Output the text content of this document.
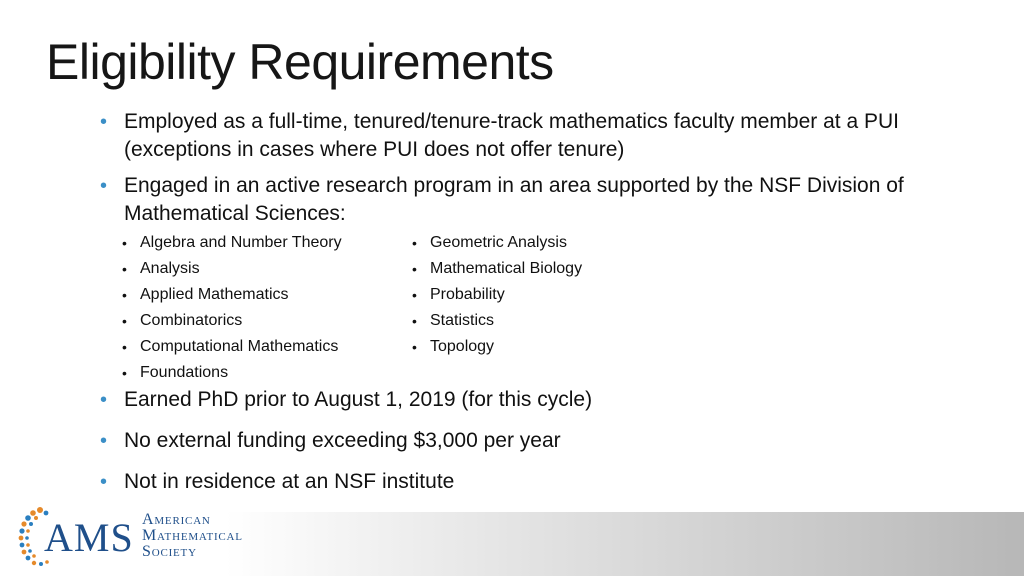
Eligibility Requirements
• Employed as a full-time, tenured/tenure-track mathematics faculty member at a PUI (exceptions in cases where PUI does not offer tenure)
• Engaged in an active research program in an area supported by the NSF Division of Mathematical Sciences:
• Algebra and Number Theory
• Analysis
• Applied Mathematics
• Combinatorics
• Computational Mathematics
• Foundations
• Geometric Analysis
• Mathematical Biology
• Probability
• Statistics
• Topology
• Earned PhD prior to August 1, 2019 (for this cycle)
• No external funding exceeding $3,000 per year
• Not in residence at an NSF institute
AMS American
Mathematical
Society
